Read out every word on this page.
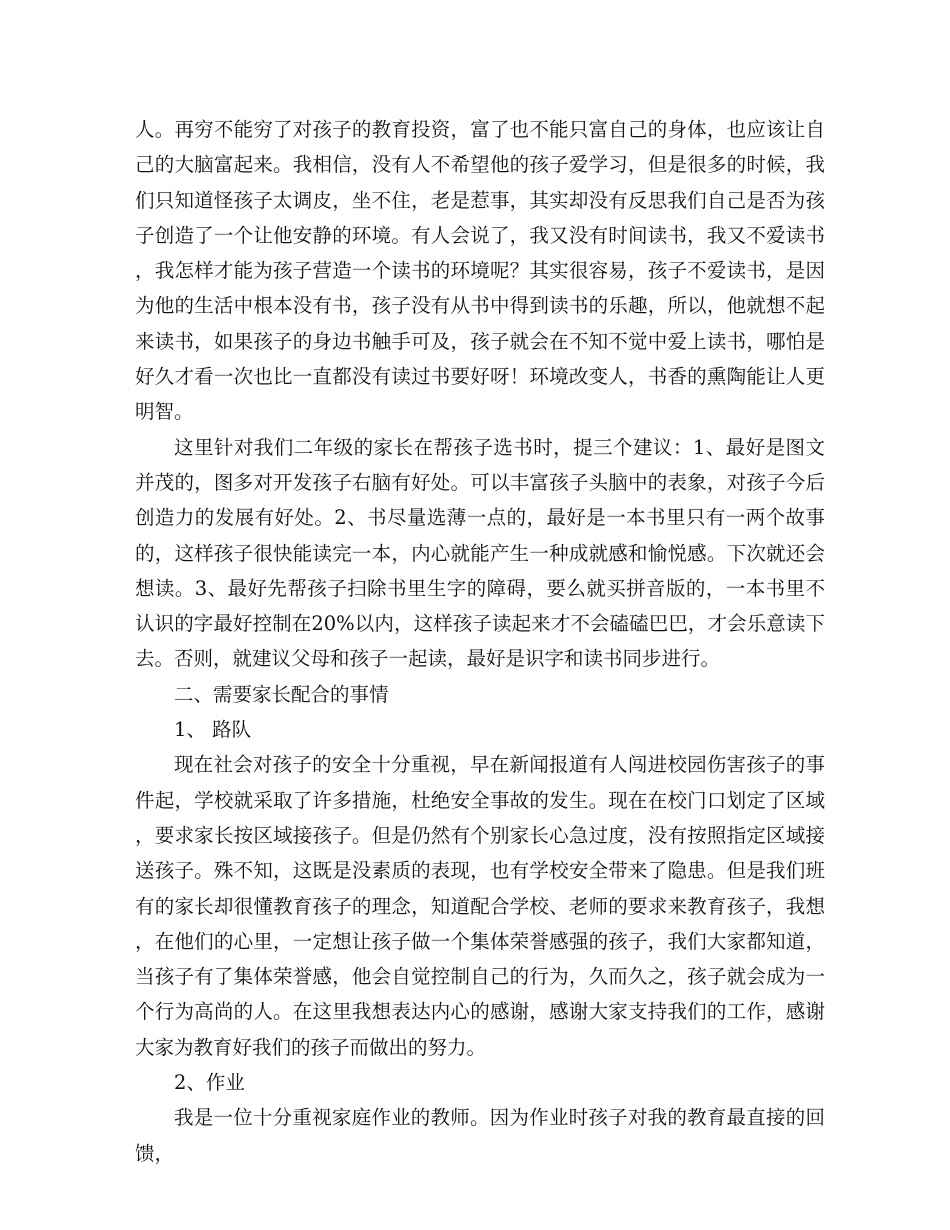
人。再穷不能穷了对孩子的教育投资，富了也不能只富自己的身体，也应该让自己的大脑富起来。我相信，没有人不希望他的孩子爱学习，但是很多的时候，我们只知道怪孩子太调皮，坐不住，老是惹事，其实却没有反思我们自己是否为孩子创造了一个让他安静的环境。有人会说了，我又没有时间读书，我又不爱读书，我怎样才能为孩子营造一个读书的环境呢？其实很容易，孩子不爱读书，是因为他的生活中根本没有书，孩子没有从书中得到读书的乐趣，所以，他就想不起来读书，如果孩子的身边书触手可及，孩子就会在不知不觉中爱上读书，哪怕是好久才看一次也比一直都没有读过书要好呀！环境改变人，书香的熏陶能让人更明智。

这里针对我们二年级的家长在帮孩子选书时，提三个建议：1、最好是图文并茂的，图多对开发孩子右脑有好处。可以丰富孩子头脑中的表象，对孩子今后创造力的发展有好处。2、书尽量选薄一点的，最好是一本书里只有一两个故事的，这样孩子很快能读完一本，内心就能产生一种成就感和愉悦感。下次就还会想读。3、最好先帮孩子扫除书里生字的障碍，要么就买拼音版的，一本书里不认识的字最好控制在20%以内，这样孩子读起来才不会磕磕巴巴，才会乐意读下去。否则，就建议父母和孩子一起读，最好是识字和读书同步进行。

二、需要家长配合的事情

1、 路队

现在社会对孩子的安全十分重视，早在新闻报道有人闯进校园伤害孩子的事件起，学校就采取了许多措施，杜绝安全事故的发生。现在在校门口划定了区域，要求家长按区域接孩子。但是仍然有个别家长心急过度，没有按照指定区域接送孩子。殊不知，这既是没素质的表现，也有学校安全带来了隐患。但是我们班有的家长却很懂教育孩子的理念，知道配合学校、老师的要求来教育孩子，我想，在他们的心里，一定想让孩子做一个集体荣誉感强的孩子，我们大家都知道，当孩子有了集体荣誉感，他会自觉控制自己的行为，久而久之，孩子就会成为一个行为高尚的人。在这里我想表达内心的感谢，感谢大家支持我们的工作，感谢大家为教育好我们的孩子而做出的努力。

2、作业

我是一位十分重视家庭作业的教师。因为作业时孩子对我的教育最直接的回馈，
